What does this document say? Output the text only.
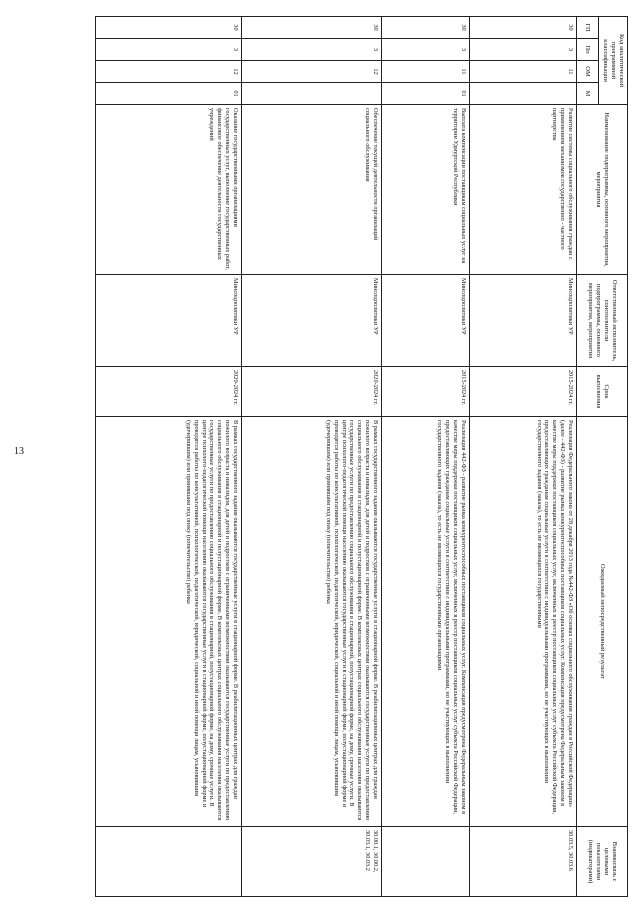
13
Код аналитической программной классификации				Наименование подпрограммы, основного мероприятия, мероприятия	Ответственный исполнитель, соисполнители подпрограммы, основного мероприятия, мероприятия	Срок выполнения	Ожидаемый непосредственный результат	Взаимосвязь с целевыми показателями (индикаторами)
ГП	Пп	ОМ	М					
30	3	11		Развитие системы социального обслуживания граждан с применением механизмов государственно - частного партнерства	Минсоцполитики УР	2015-2024 гг.	Реализация Федерального закона от 28 декабря 2013 года №442-ФЗ «Об основах социального обслуживания граждан в Российской Федерации» (далее - 442-ФЗ) - развитие рынка конкурентоспособных поставщиков социальных услуг. Компенсация предусмотрена Федеральным законом в качестве меры поддержки поставщиков социальных услуг, включенных в реестр поставщиков социальных услуг субъекта Российской Федерации, предоставляющих гражданам социальные услуги в соответствии с индивидуальными программами, но не участвующих в выполнении государственного задания (заказа), то есть не являющихся государственными	30.03.5, 30.03.6
30	3	11	01	Выплата компенсации поставщикам социальных услуг на территории Удмуртской Республики	Минсоцполитики УР	2015-2024 гг.	Реализация 442-ФЗ - развитие рынка конкурентоспособных поставщиков социальных услуг. Компенсация предусмотрена Федеральным законом в качестве меры поддержки поставщиков социальных услуг, включенных в реестр поставщиков социальных услуг субъекта Российской Федерации, предоставляющих гражданам социальные услуги в соответствии с индивидуальными программами, но не участвующих в выполнении государственного задания (заказа), то есть не являющихся государственными организациями	
30	3	12		Обеспечение текущей деятельности организаций социального обслуживания	Минсоцполитики УР	2020-2024 гг.	В рамках государственного задания оказываются государственные услуги в стационарной форме. В реабилитационных центрах для граждан пожилого возраста и инвалидов, для детей и подростков с ограниченными возможностями оказываются государственные услуги по предоставлению социального обслуживания в стационарной и полустационарной форме. В комплексных центрах социального обслуживания населения оказываются государственные услуги по предоставлению социального обслуживания в стационарной, полустационарной форме, на дому, срочные услуги. В центре психолого-педагогической помощи населению оказываются государственные услуги в стационарной форме, полустационарной форме и проводятся работы по консультативной, психологической, педагогической, юридической, социальной и иной помощи лицам, усыновившим (удочерившим) или принявшим под опеку (попечительство) ребенка	30.00.1, 30.00.2, 30.03.1, 30.03.2
30	3	12	01	Оказание государственными организациями государственных услуг, выполнение государственных работ, финансовое обеспечение деятельности государственных учреждений	Минсоцполитики УР	2020-2024 гг.	В рамках государственного задания оказываются государственные услуги в стационарной форме. В реабилитационных центрах для граждан пожилого возраста и инвалидов, для детей и подростков с ограниченными возможностями оказываются государственные услуги по предоставлению социального обслуживания в стационарной и полустационарной форме. В комплексных центрах социального обслуживания населения оказываются государственные услуги по предоставлению социального обслуживания в стационарной, полустационарной форме, на дому, срочные услуги. В центре психолого-педагогической помощи населению оказываются государственные услуги в стационарной форме, полустационарной форме и проводятся работы по консультативной, психологической, педагогической, юридической, социальной и иной помощи лицам, усыновившим (удочерившим) или принявшим под опеку (попечительство) ребенка	
